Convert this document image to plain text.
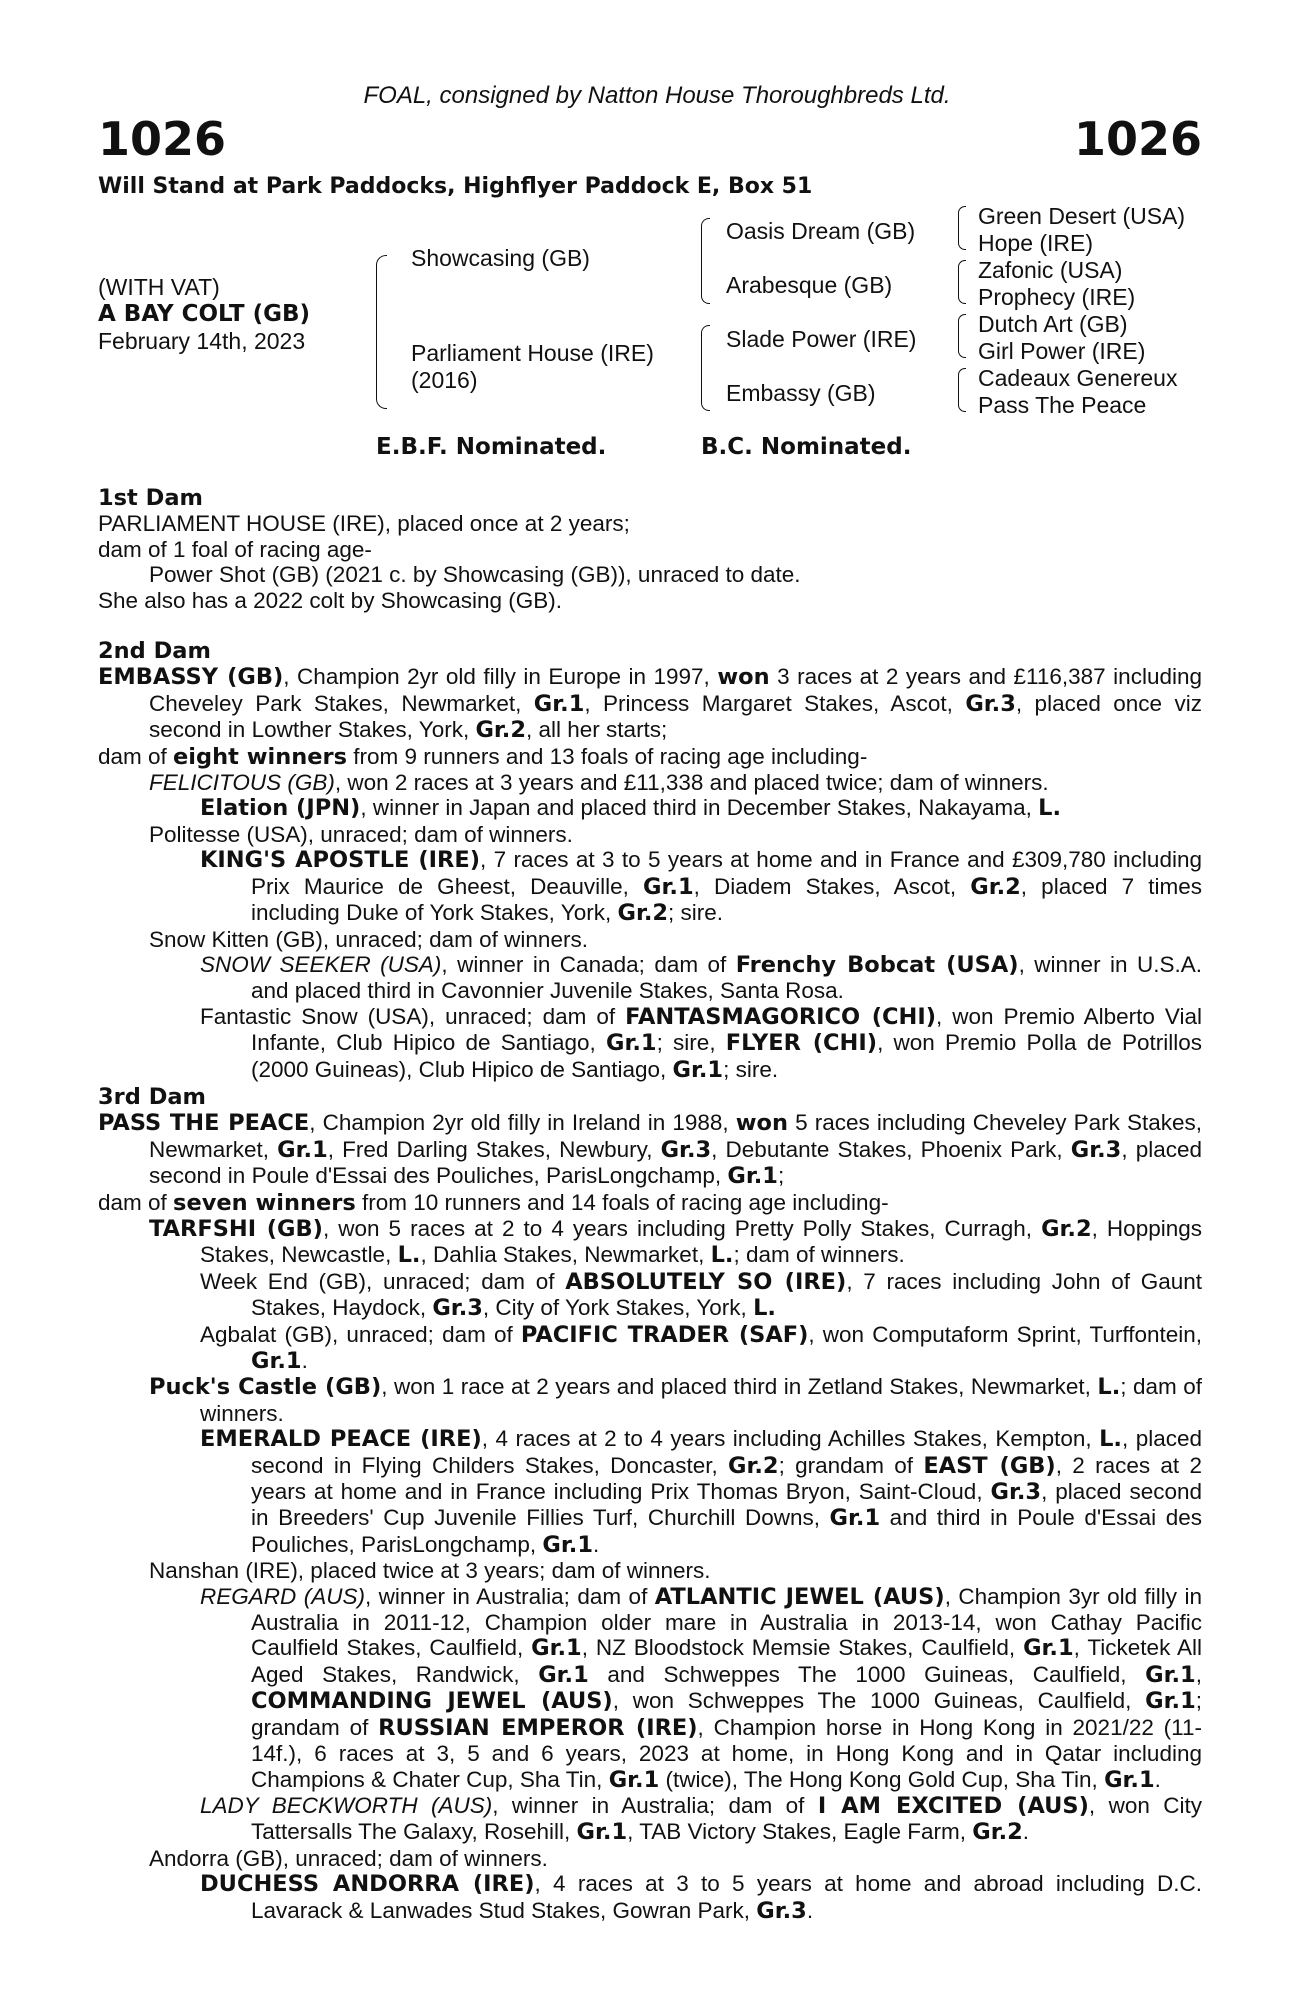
FOAL, consigned by Natton House Thoroughbreds Ltd.
1026	1026
Will Stand at Park Paddocks, Highflyer Paddock E, Box 51
(WITH VAT)
A BAY COLT (GB)
February 14th, 2023
Showcasing (GB)
Parliament House (IRE)
(2016)
Oasis Dream (GB)
Arabesque (GB)
Slade Power (IRE)
Embassy (GB)
Green Desert (USA)
Hope (IRE)
Zafonic (USA)
Prophecy (IRE)
Dutch Art (GB)
Girl Power (IRE)
Cadeaux Genereux
Pass The Peace
E.B.F. Nominated.	B.C. Nominated.

1st Dam

PARLIAMENT HOUSE (IRE), placed once at 2 years;

dam of 1 foal of racing age-

Power Shot (GB) (2021 c. by Showcasing (GB)), unraced to date.

She also has a 2022 colt by Showcasing (GB).

2nd Dam

EMBASSY (GB), Champion 2yr old filly in Europe in 1997, won 3 races at 2 years and £116,387 including Cheveley Park Stakes, Newmarket, Gr.1, Princess Margaret Stakes, Ascot, Gr.3, placed once viz second in Lowther Stakes, York, Gr.2, all her starts;

dam of eight winners from 9 runners and 13 foals of racing age including-

FELICITOUS (GB), won 2 races at 3 years and £11,338 and placed twice; dam of winners.

Elation (JPN), winner in Japan and placed third in December Stakes, Nakayama, L.

Politesse (USA), unraced; dam of winners.

KING'S APOSTLE (IRE), 7 races at 3 to 5 years at home and in France and £309,780 including Prix Maurice de Gheest, Deauville, Gr.1, Diadem Stakes, Ascot, Gr.2, placed 7 times including Duke of York Stakes, York, Gr.2; sire.

Snow Kitten (GB), unraced; dam of winners.

SNOW SEEKER (USA), winner in Canada; dam of Frenchy Bobcat (USA), winner in U.S.A. and placed third in Cavonnier Juvenile Stakes, Santa Rosa.

Fantastic Snow (USA), unraced; dam of FANTASMAGORICO (CHI), won Premio Alberto Vial Infante, Club Hipico de Santiago, Gr.1; sire, FLYER (CHI), won Premio Polla de Potrillos (2000 Guineas), Club Hipico de Santiago, Gr.1; sire.

3rd Dam

PASS THE PEACE, Champion 2yr old filly in Ireland in 1988, won 5 races including Cheveley Park Stakes, Newmarket, Gr.1, Fred Darling Stakes, Newbury, Gr.3, Debutante Stakes, Phoenix Park, Gr.3, placed second in Poule d'Essai des Pouliches, ParisLongchamp, Gr.1;

dam of seven winners from 10 runners and 14 foals of racing age including-

TARFSHI (GB), won 5 races at 2 to 4 years including Pretty Polly Stakes, Curragh, Gr.2, Hoppings Stakes, Newcastle, L., Dahlia Stakes, Newmarket, L.; dam of winners.

Week End (GB), unraced; dam of ABSOLUTELY SO (IRE), 7 races including John of Gaunt Stakes, Haydock, Gr.3, City of York Stakes, York, L.

Agbalat (GB), unraced; dam of PACIFIC TRADER (SAF), won Computaform Sprint, Turffontein, Gr.1.

Puck's Castle (GB), won 1 race at 2 years and placed third in Zetland Stakes, Newmarket, L.; dam of winners.

EMERALD PEACE (IRE), 4 races at 2 to 4 years including Achilles Stakes, Kempton, L., placed second in Flying Childers Stakes, Doncaster, Gr.2; grandam of EAST (GB), 2 races at 2 years at home and in France including Prix Thomas Bryon, Saint-Cloud, Gr.3, placed second in Breeders' Cup Juvenile Fillies Turf, Churchill Downs, Gr.1 and third in Poule d'Essai des Pouliches, ParisLongchamp, Gr.1.

Nanshan (IRE), placed twice at 3 years; dam of winners.

REGARD (AUS), winner in Australia; dam of ATLANTIC JEWEL (AUS), Champion 3yr old filly in Australia in 2011-12, Champion older mare in Australia in 2013-14, won Cathay Pacific Caulfield Stakes, Caulfield, Gr.1, NZ Bloodstock Memsie Stakes, Caulfield, Gr.1, Ticketek All Aged Stakes, Randwick, Gr.1 and Schweppes The 1000 Guineas, Caulfield, Gr.1, COMMANDING JEWEL (AUS), won Schweppes The 1000 Guineas, Caulfield, Gr.1; grandam of RUSSIAN EMPEROR (IRE), Champion horse in Hong Kong in 2021/22 (11-14f.), 6 races at 3, 5 and 6 years, 2023 at home, in Hong Kong and in Qatar including Champions & Chater Cup, Sha Tin, Gr.1 (twice), The Hong Kong Gold Cup, Sha Tin, Gr.1.

LADY BECKWORTH (AUS), winner in Australia; dam of I AM EXCITED (AUS), won City Tattersalls The Galaxy, Rosehill, Gr.1, TAB Victory Stakes, Eagle Farm, Gr.2.

Andorra (GB), unraced; dam of winners.

DUCHESS ANDORRA (IRE), 4 races at 3 to 5 years at home and abroad including D.C. Lavarack & Lanwades Stud Stakes, Gowran Park, Gr.3.
